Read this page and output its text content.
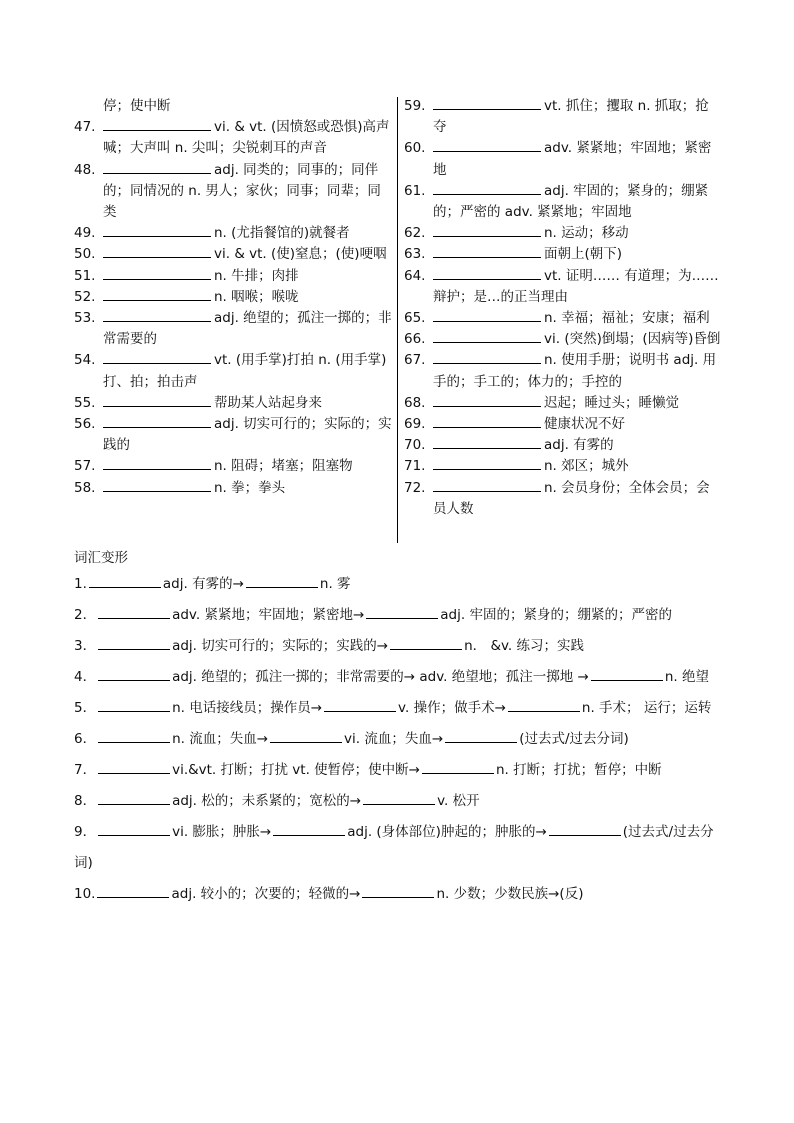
停；使中断
47.	vi. & vt. (因愤怒或恐惧)高声喊；大声叫 n. 尖叫；尖锐刺耳的声音
48.	adj. 同类的；同事的；同伴的；同情况的 n. 男人；家伙；同事；同辈；同类
49.	n. (尤指餐馆的)就餐者
50.	vi. & vt. (使)窒息；(使)哽咽
51.	n. 牛排；肉排
52.	n. 咽喉；喉咙
53.	adj. 绝望的；孤注一掷的；非常需要的
54.	vt. (用手掌)打拍 n. (用手掌)打、拍；拍击声
55.	帮助某人站起身来
56.	adj. 切实可行的；实际的；实践的
57.	n. 阻碍；堵塞；阻塞物
58.	n. 拳；拳头
59.	vt. 抓住；攫取 n. 抓取；抢夺
60.	adv. 紧紧地；牢固地；紧密地
61.	adj. 牢固的；紧身的；绷紧的；严密的 adv. 紧紧地；牢固地
62.	n. 运动；移动
63.	面朝上(朝下)
64.	vt. 证明…… 有道理；为……辩护；是…的正当理由
65.	n. 幸福；福祉；安康；福利
66.	vi. (突然)倒塌；(因病等)昏倒
67.	n. 使用手册；说明书 adj. 用手的；手工的；体力的；手控的
68.	迟起；睡过头；睡懒觉
69.	健康状况不好
70.	adj. 有雾的
71.	n. 郊区；城外
72.	n. 会员身份；全体会员；会员人数
词汇变形
1.	adj. 有雾的→	n. 雾
2．	adv. 紧紧地；牢固地；紧密地→	adj. 牢固的；紧身的；绷紧的；严密的
3．	adj. 切实可行的；实际的；实践的→	n． &v. 练习；实践
4．	adj. 绝望的；孤注一掷的；非常需要的→ adv. 绝望地；孤注一掷地 →	n. 绝望
5．	n. 电话接线员；操作员→	v. 操作；做手术→	n. 手术； 运行；运转
6．	n. 流血；失血→	vi. 流血；失血→	(过去式/过去分词)
7．	vi.&vt. 打断；打扰 vt. 使暂停；使中断→	n. 打断；打扰；暂停；中断
8．	adj. 松的；未系紧的；宽松的→	v. 松开
9．	vi. 膨胀；肿胀→	adj. (身体部位)肿起的；肿胀的→	(过去式/过去分词)
10.	adj. 较小的；次要的；轻微的→	n. 少数；少数民族→(反)
